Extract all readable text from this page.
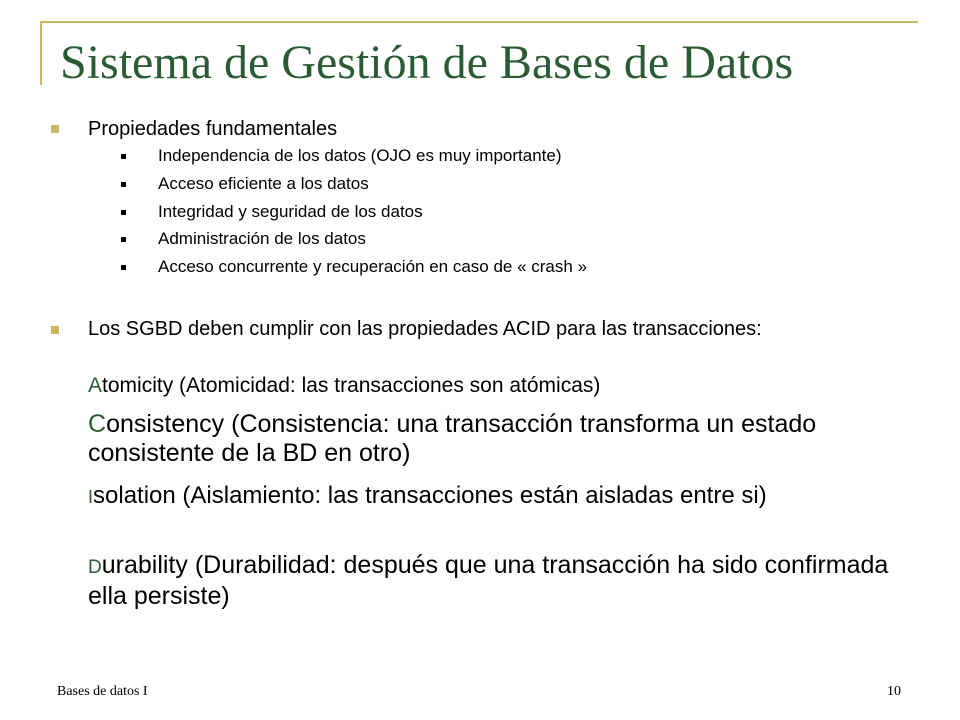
Sistema de Gestión de Bases de Datos
Propiedades fundamentales
Independencia de los datos (OJO es muy importante)
Acceso eficiente a los datos
Integridad y seguridad de los datos
Administración de los datos
Acceso concurrente y recuperación en caso de « crash »
Los SGBD deben cumplir con las propiedades ACID para las transacciones:
Atomicity (Atomicidad: las transacciones son atómicas)
Consistency (Consistencia: una transacción transforma un estado consistente de la BD en otro)
Isolation (Aislamiento: las transacciones están aisladas entre si)
Durability (Durabilidad: después que una transacción ha sido confirmada ella persiste)
Bases de datos I	10
